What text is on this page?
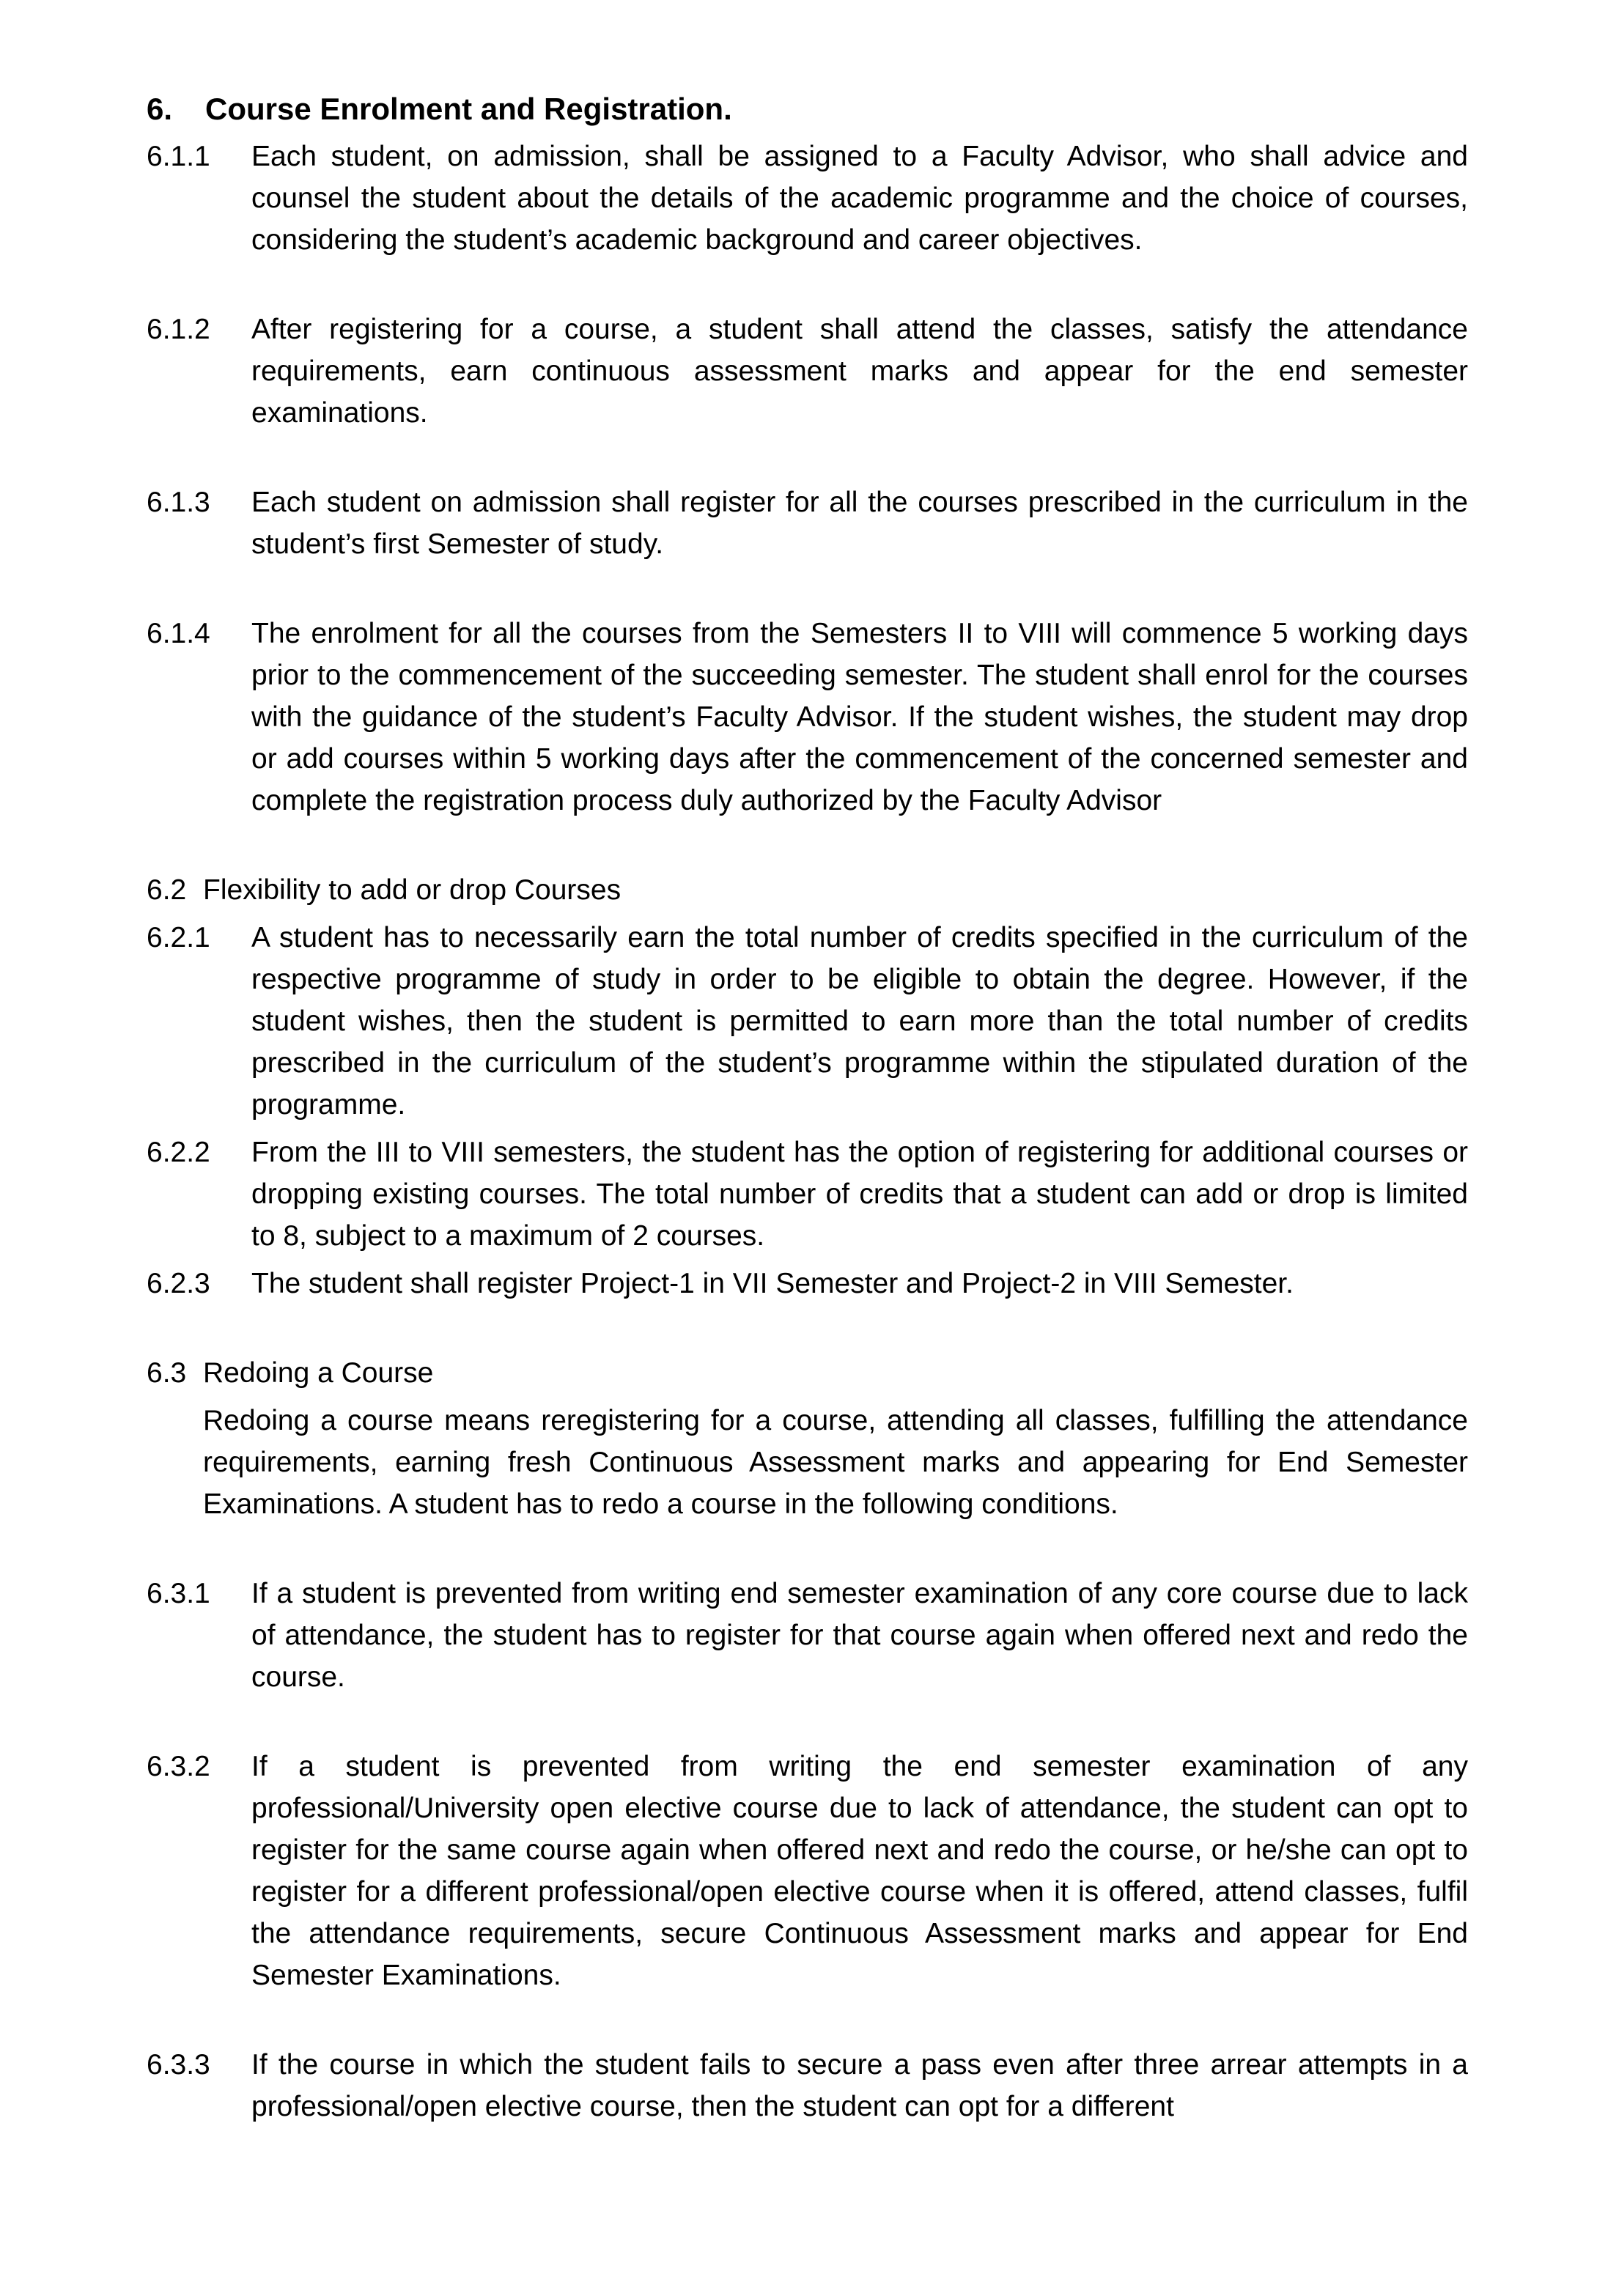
6.	Course Enrolment and Registration.
6.1.1	Each student, on admission, shall be assigned to a Faculty Advisor, who shall advice and counsel the student about the details of the academic programme and the choice of courses, considering the student’s academic background and career objectives.
6.1.2	After registering for a course, a student shall attend the classes, satisfy the attendance requirements, earn continuous assessment marks and appear for the end semester examinations.
6.1.3	Each student on admission shall register for all the courses prescribed in the curriculum in the student’s first Semester of study.
6.1.4	The enrolment for all the courses from the Semesters II to VIII will commence 5 working days prior to the commencement of the succeeding semester. The student shall enrol for the courses with the guidance of the student’s Faculty Advisor. If the student wishes, the student may drop or add courses within 5 working days after the commencement of the concerned semester and complete the registration process duly authorized by the Faculty Advisor
6.2 Flexibility to add or drop Courses
6.2.1	A student has to necessarily earn the total number of credits specified in the curriculum of the respective programme of study in order to be eligible to obtain the degree. However, if the student wishes, then the student is permitted to earn more than the total number of credits prescribed in the curriculum of the student’s programme within the stipulated duration of the programme.
6.2.2	From the III to VIII semesters, the student has the option of registering for additional courses or dropping existing courses. The total number of credits that a student can add or drop is limited to 8, subject to a maximum of 2 courses.
6.2.3	The student shall register Project-1 in VII Semester and Project-2 in VIII Semester.
6.3 Redoing a Course
Redoing a course means reregistering for a course, attending all classes, fulfilling the attendance requirements, earning fresh Continuous Assessment marks and appearing for End Semester Examinations. A student has to redo a course in the following conditions.
6.3.1	If a student is prevented from writing end semester examination of any core course due to lack of attendance, the student has to register for that course again when offered next and redo the course.
6.3.2	If a student is prevented from writing the end semester examination of any professional/University open elective course due to lack of attendance, the student can opt to register for the same course again when offered next and redo the course, or he/she can opt to register for a different professional/open elective course when it is offered, attend classes, fulfil the attendance requirements, secure Continuous Assessment marks and appear for End Semester Examinations.
6.3.3	If the course in which the student fails to secure a pass even after three arrear attempts in a professional/open elective course, then the student can opt for a different
